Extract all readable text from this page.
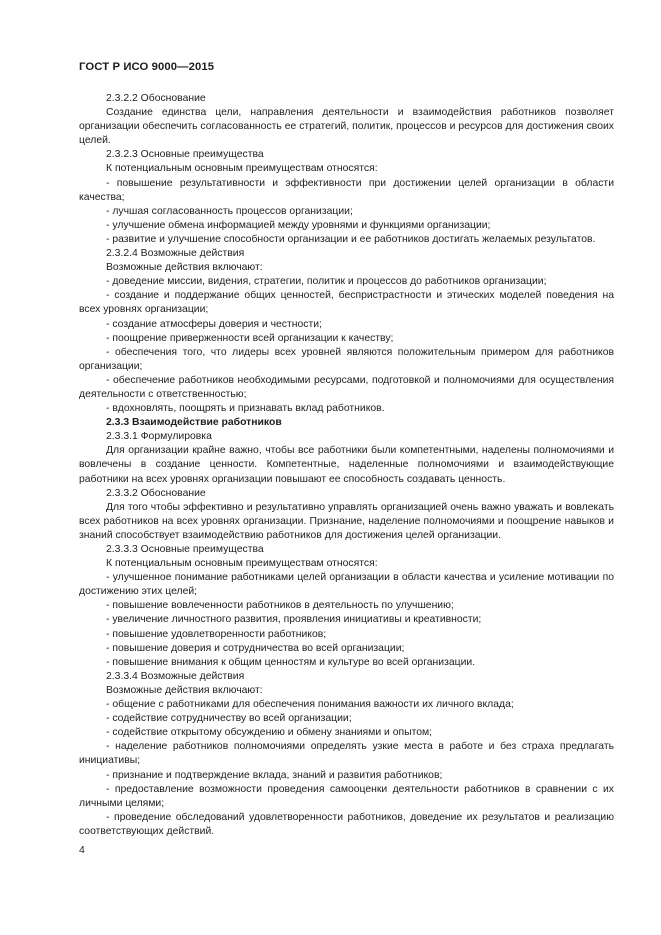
ГОСТ Р ИСО 9000—2015

2.3.2.2 Обоснование

Создание единства цели, направления деятельности и взаимодействия работников позволяет организации обеспечить согласованность ее стратегий, политик, процессов и ресурсов для достижения своих целей.

2.3.2.3 Основные преимущества

К потенциальным основным преимуществам относятся:

- повышение результативности и эффективности при достижении целей организации в области качества;

- лучшая согласованность процессов организации;

- улучшение обмена информацией между уровнями и функциями организации;

- развитие и улучшение способности организации и ее работников достигать желаемых результатов.

2.3.2.4 Возможные действия

Возможные действия включают:

- доведение миссии, видения, стратегии, политик и процессов до работников организации;

- создание и поддержание общих ценностей, беспристрастности и этических моделей поведения на всех уровнях организации;

- создание атмосферы доверия и честности;

- поощрение приверженности всей организации к качеству;

- обеспечения того, что лидеры всех уровней являются положительным примером для работников организации;

- обеспечение работников необходимыми ресурсами, подготовкой и полномочиями для осуществления деятельности с ответственностью;

- вдохновлять, поощрять и признавать вклад работников.

2.3.3 Взаимодействие работников

2.3.3.1 Формулировка

Для организации крайне важно, чтобы все работники были компетентными, наделены полномочиями и вовлечены в создание ценности. Компетентные, наделенные полномочиями и взаимодействующие работники на всех уровнях организации повышают ее способность создавать ценность.

2.3.3.2 Обоснование

Для того чтобы эффективно и результативно управлять организацией очень важно уважать и вовлекать всех работников на всех уровнях организации. Признание, наделение полномочиями и поощрение навыков и знаний способствует взаимодействию работников для достижения целей организации.

2.3.3.3 Основные преимущества

К потенциальным основным преимуществам относятся:

- улучшенное понимание работниками целей организации в области качества и усиление мотивации по достижению этих целей;

- повышение вовлеченности работников в деятельность по улучшению;

- увеличение личностного развития, проявления инициативы и креативности;

- повышение удовлетворенности работников;

- повышение доверия и сотрудничества во всей организации;

- повышение внимания к общим ценностям и культуре во всей организации.

2.3.3.4 Возможные действия

Возможные действия включают:

- общение с работниками для обеспечения понимания важности их личного вклада;

- содействие сотрудничеству во всей организации;

- содействие открытому обсуждению и обмену знаниями и опытом;

- наделение работников полномочиями определять узкие места в работе и без страха предлагать инициативы;

- признание и подтверждение вклада, знаний и развития работников;

- предоставление возможности проведения самооценки деятельности работников в сравнении с их личными целями;

- проведение обследований удовлетворенности работников, доведение их результатов и реализацию соответствующих действий.

4
